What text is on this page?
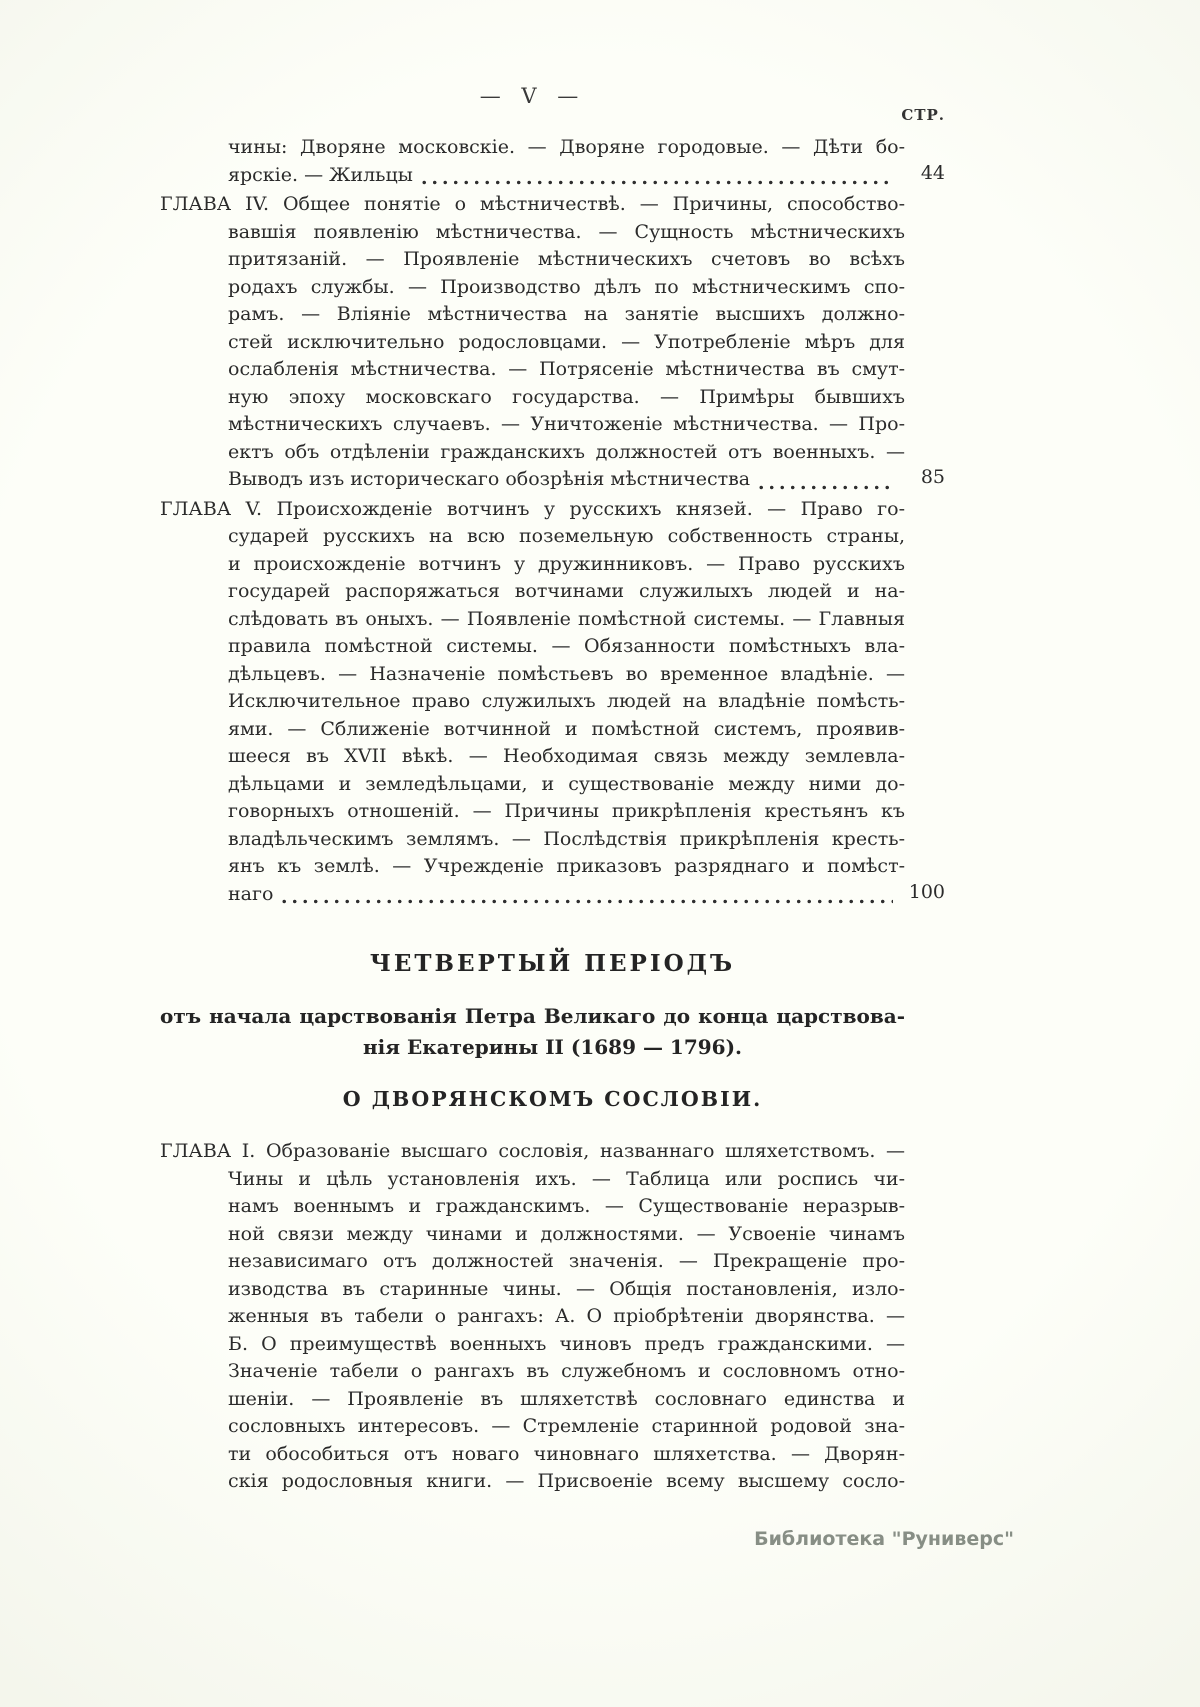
— V —
СТР.
чины: Дворяне московскіе. — Дворяне городовые. — Дѣти бо-
ярскіе. — Жильцы	44
ГЛАВА IV. Общее понятіе о мѣстничествѣ. — Причины, способство-
вавшія появленію мѣстничества. — Сущность мѣстническихъ
притязаній. — Проявленіе мѣстническихъ счетовъ во всѣхъ
родахъ службы. — Производство дѣлъ по мѣстническимъ спо-
рамъ. — Вліяніе мѣстничества на занятіе высшихъ должно-
стей исключительно родословцами. — Употребленіе мѣръ для
ослабленія мѣстничества. — Потрясеніе мѣстничества въ смут-
ную эпоху московскаго государства. — Примѣры бывшихъ
мѣстническихъ случаевъ. — Уничтоженіе мѣстничества. — Про-
ектъ объ отдѣленіи гражданскихъ должностей отъ военныхъ. —
Выводъ изъ историческаго обозрѣнія мѣстничества	85
ГЛАВА V. Происхожденіе вотчинъ у русскихъ князей. — Право го-
сударей русскихъ на всю поземельную собственность страны,
и происхожденіе вотчинъ у дружинниковъ. — Право русскихъ
государей распоряжаться вотчинами служилыхъ людей и на-
слѣдовать въ оныхъ. — Появленіе помѣстной системы. — Главныя
правила помѣстной системы. — Обязанности помѣстныхъ вла-
дѣльцевъ. — Назначеніе помѣстьевъ во временное владѣніе. —
Исключительное право служилыхъ людей на владѣніе помѣсть-
ями. — Сближеніе вотчинной и помѣстной системъ, проявив-
шееся въ XVII вѣкѣ. — Необходимая связь между землевла-
дѣльцами и земледѣльцами, и существованіе между ними до-
говорныхъ отношеній. — Причины прикрѣпленія крестьянъ къ
владѣльческимъ землямъ. — Послѣдствія прикрѣпленія кресть-
янъ къ землѣ. — Учрежденіе приказовъ разряднаго и помѣст-
наго	100
ЧЕТВЕРТЫЙ ПЕРІОДЪ
отъ начала царствованія Петра Великаго до конца царствова-
нія Екатерины II (1689 — 1796).
О ДВОРЯНСКОМЪ СОСЛОВІИ.
ГЛАВА I. Образованіе высшаго сословія, названнаго шляхетствомъ. —
Чины и цѣль установленія ихъ. — Таблица или роспись чи-
намъ военнымъ и гражданскимъ. — Существованіе неразрыв-
ной связи между чинами и должностями. — Усвоеніе чинамъ
независимаго отъ должностей значенія. — Прекращеніе про-
изводства въ старинные чины. — Общія постановленія, изло-
женныя въ табели о рангахъ: А. О пріобрѣтеніи дворянства. —
Б. О преимуществѣ военныхъ чиновъ предъ гражданскими. —
Значеніе табели о рангахъ въ служебномъ и сословномъ отно-
шеніи. — Проявленіе въ шляхетствѣ сословнаго единства и
сословныхъ интересовъ. — Стремленіе старинной родовой зна-
ти обособиться отъ новаго чиновнаго шляхетства. — Дворян-
скія родословныя книги. — Присвоеніе всему высшему сосло-
Библиотека "Руниверс"
